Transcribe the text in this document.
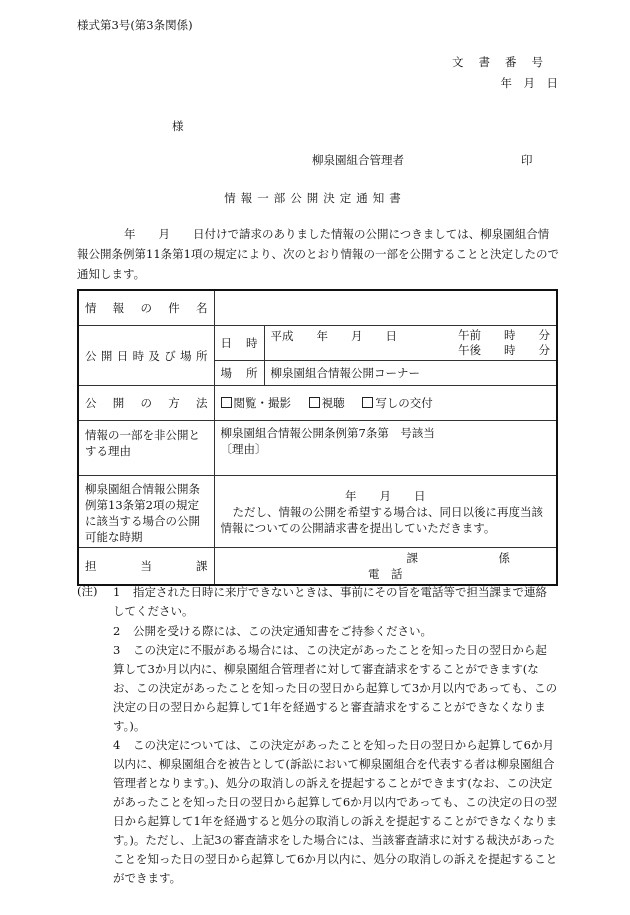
様式第3号(第3条関係)
文書番号
年　月　日
様
柳泉園組合管理者	印
情報一部公開決定通知書
　　年　　月　　日付けで請求のありました情報の公開につきましては、柳泉園組合情報公開条例第11条第1項の規定により、次のとおり情報の一部を公開することと決定したので通知します。
情報の件名		
公開日時及び場所	日時	平成　　年　　月　　日 午前　　時　　分
午後　　時　　分

	場所	柳泉園組合情報公開コーナー
公開の方法	閲覧・撮影 視聴 写しの交付	
情報の一部を非公開とする理由	柳泉園組合情報公開条例第7条第　号該当
〔理由〕	

柳泉園組合情報公開条例第13条第2項の規定に該当する場合の公開可能な時期	年　　月　　日
ただし、情報の公開を希望する場合は、同日以後に再度当該情報についての公開請求書を提出していただきます。	

担当課	課　　　　　　　係
電　話	
(注) 1	指定された日時に来庁できないときは、事前にその旨を電話等で担当課まで連絡してください。
2	公開を受ける際には、この決定通知書をご持参ください。
3	この決定に不服がある場合には、この決定があったことを知った日の翌日から起算して3か月以内に、柳泉園組合管理者に対して審査請求をすることができます(なお、この決定があったことを知った日の翌日から起算して3か月以内であっても、この決定の日の翌日から起算して1年を経過すると審査請求をすることができなくなります。)。
4	この決定については、この決定があったことを知った日の翌日から起算して6か月以内に、柳泉園組合を被告として(訴訟において柳泉園組合を代表する者は柳泉園組合管理者となります。)、処分の取消しの訴えを提起することができます(なお、この決定があったことを知った日の翌日から起算して6か月以内であっても、この決定の日の翌日から起算して1年を経過すると処分の取消しの訴えを提起することができなくなります。)。ただし、上記3の審査請求をした場合には、当該審査請求に対する裁決があったことを知った日の翌日から起算して6か月以内に、処分の取消しの訴えを提起することができます。
